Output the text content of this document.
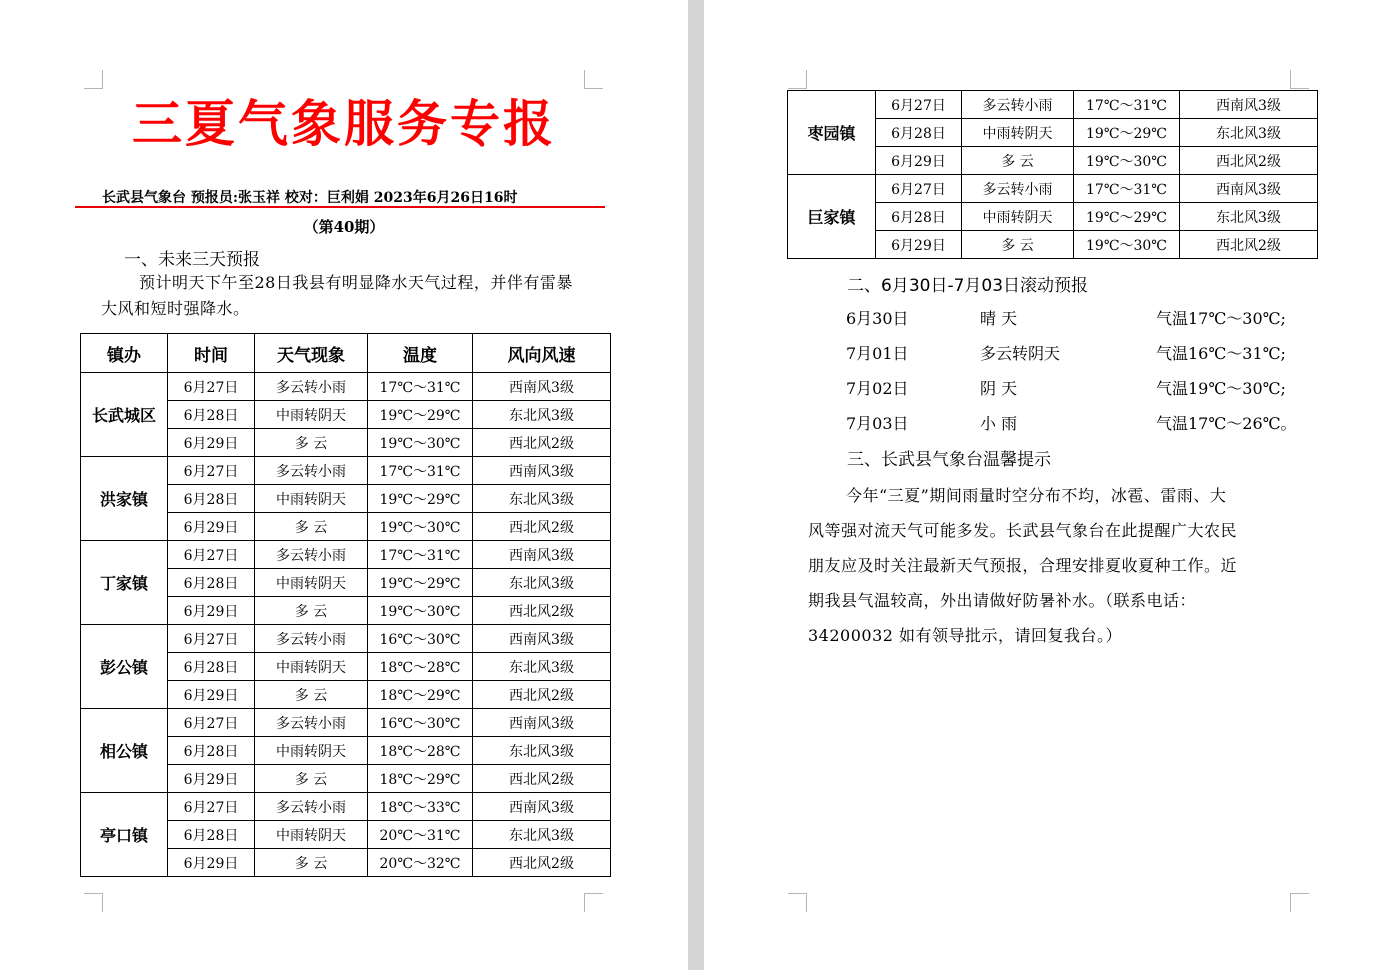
三夏气象服务专报
长武县气象台 预报员:张玉祥 校对：巨利娟 2023年6月26日16时
（第40期）
一、未来三天预报
预计明天下午至28日我县有明显降水天气过程，并伴有雷暴大风和短时强降水。
镇办	时间	天气现象	温度	风向风速
长武城区	6月27日	多云转小雨	17℃～31℃	西南风3级
	6月28日	中雨转阴天	19℃～29℃	东北风3级
	6月29日	多 云	19℃～30℃	西北风2级
洪家镇	6月27日	多云转小雨	17℃～31℃	西南风3级
	6月28日	中雨转阴天	19℃～29℃	东北风3级
	6月29日	多 云	19℃～30℃	西北风2级
丁家镇	6月27日	多云转小雨	17℃～31℃	西南风3级
	6月28日	中雨转阴天	19℃～29℃	东北风3级
	6月29日	多 云	19℃～30℃	西北风2级
彭公镇	6月27日	多云转小雨	16℃～30℃	西南风3级
	6月28日	中雨转阴天	18℃～28℃	东北风3级
	6月29日	多 云	18℃～29℃	西北风2级
相公镇	6月27日	多云转小雨	16℃～30℃	西南风3级
	6月28日	中雨转阴天	18℃～28℃	东北风3级
	6月29日	多 云	18℃～29℃	西北风2级
亭口镇	6月27日	多云转小雨	18℃～33℃	西南风3级
	6月28日	中雨转阴天	20℃～31℃	东北风3级
	6月29日	多 云	20℃～32℃	西北风2级
二、6月30日-7月03日滚动预报
三、长武县气象台温馨提示
枣园镇	6月27日	多云转小雨	17℃～31℃	西南风3级
	6月28日	中雨转阴天	19℃～29℃	东北风3级
	6月29日	多 云	19℃～30℃	西北风2级
巨家镇	6月27日	多云转小雨	17℃～31℃	西南风3级
	6月28日	中雨转阴天	19℃～29℃	东北风3级
	6月29日	多 云	19℃～30℃	西北风2级
6月30日	晴 天	气温17℃～30℃;
7月01日	多云转阴天	气温16℃～31℃;
7月02日	阴 天	气温19℃～30℃;
7月03日	小 雨	气温17℃～26℃。
今年“三夏”期间雨量时空分布不均，冰雹、雷雨、大
风等强对流天气可能多发。长武县气象台在此提醒广大农民
朋友应及时关注最新天气预报，合理安排夏收夏种工作。近
期我县气温较高，外出请做好防暑补水。（联系电话：
34200032 如有领导批示，请回复我台。）
